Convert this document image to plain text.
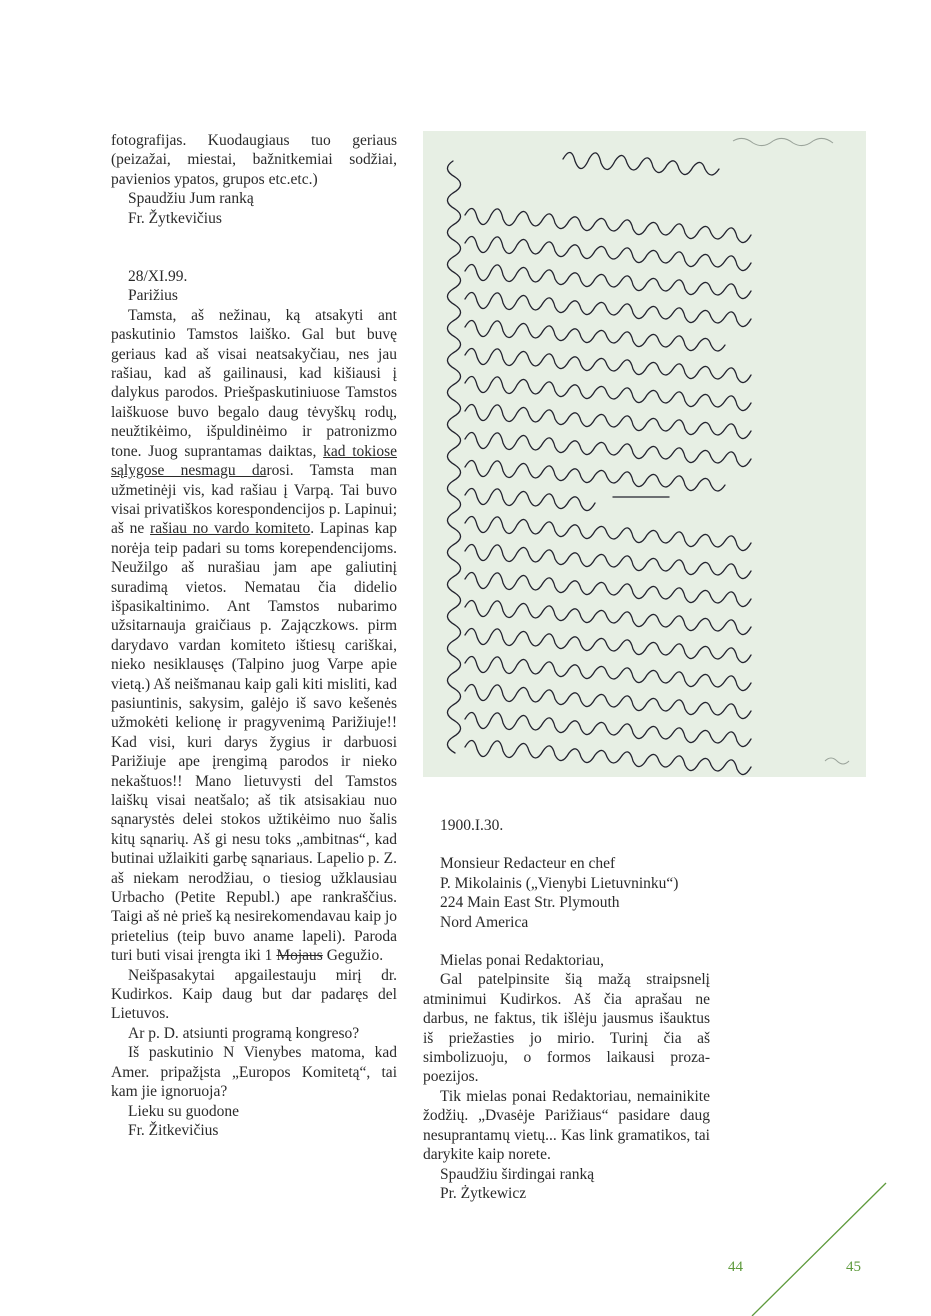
fotografijas. Kuodaugiaus tuo geriaus (peizažai, miestai, bažnitkemiai sodžiai, pavienios ypatos, grupos etc.etc.)

Spaudžiu Jum ranką

Fr. Žytkevičius

28/XI.99.

Parižius

Tamsta, aš nežinau, ką atsakyti ant paskutinio Tamstos laiško. Gal but buvę geriaus kad aš visai neatsakyčiau, nes jau rašiau, kad aš gailinausi, kad kišiausi į dalykus parodos. Priešpaskutiniuose Tamstos laiškuose buvo begalo daug tėvyškų rodų, neužtikėimo, išpuldinėimo ir patronizmo tone. Juog suprantamas daiktas, kad tokiose sąlygose nesmagu darosi. Tamsta man užmetinėji vis, kad rašiau į Varpą. Tai buvo visai privatiškos korespondencijos p. Lapinui; aš ne rašiau no vardo komiteto. Lapinas kap norėja teip padari su toms korependencijoms. Neužilgo aš nurašiau jam ape galiutinį suradimą vietos. Nematau čia didelio išpasikaltinimo. Ant Tamstos nubarimo užsitarnauja graičiaus p. Zajączkows. pirm darydavo vardan komiteto ištiesų cariškai, nieko nesiklausęs (Talpino juog Varpe apie vietą.) Aš neišmanau kaip gali kiti misliti, kad pasiuntinis, sakysim, galėjo iš savo kešenės užmokėti kelionę ir pragyvenimą Parižiuje!! Kad visi, kuri darys žygius ir darbuosi Parižiuje ape įrengimą parodos ir nieko nekaštuos!! Mano lietuvysti del Tamstos laiškų visai neatšalo; aš tik atsisakiau nuo sąnarystės delei stokos užtikėimo nuo šalis kitų sąnarių. Aš gi nesu toks „ambitnas“, kad butinai užlaikiti garbę sąnariaus. Lapelio p. Z. aš niekam nerodžiau, o tiesiog užklausiau Urbacho (Petite Republ.) ape rankraščius. Taigi aš nė prieš ką nesirekomendavau kaip jo prietelius (teip buvo aname lapeli). Paroda turi buti visai įrengta iki 1 Mojaus Gegužio.

Neišpasakytai apgailestauju mirį dr. Kudirkos. Kaip daug but dar padaręs del Lietuvos.

Ar p. D. atsiunti programą kongreso?

Iš paskutinio N Vienybes matoma, kad Amer. pripažįsta „Europos Komitetą“, tai kam jie ignoruoja?

Lieku su guodone

Fr. Žitkevičius

1900.I.30.

Monsieur Redacteur en chef

P. Mikolainis („Vienybi Lietuvninku“)

224 Main East Str. Plymouth

Nord America

Mielas ponai Redaktoriau,

Gal patelpinsite šią mažą straipsnelį atminimui Kudirkos. Aš čia aprašau ne darbus, ne faktus, tik išlėju jausmus išauktus iš priežasties jo mirio. Turinį čia aš simbolizuoju, o formos laikausi proza-poezijos.

Tik mielas ponai Redaktoriau, nemainikite žodžių. „Dvasėje Parižiaus“ pasidare daug nesuprantamų vietų... Kas link gramatikos, tai darykite kaip norete.

Spaudžiu širdingai ranką

Pr. Żytkewicz

44	45
